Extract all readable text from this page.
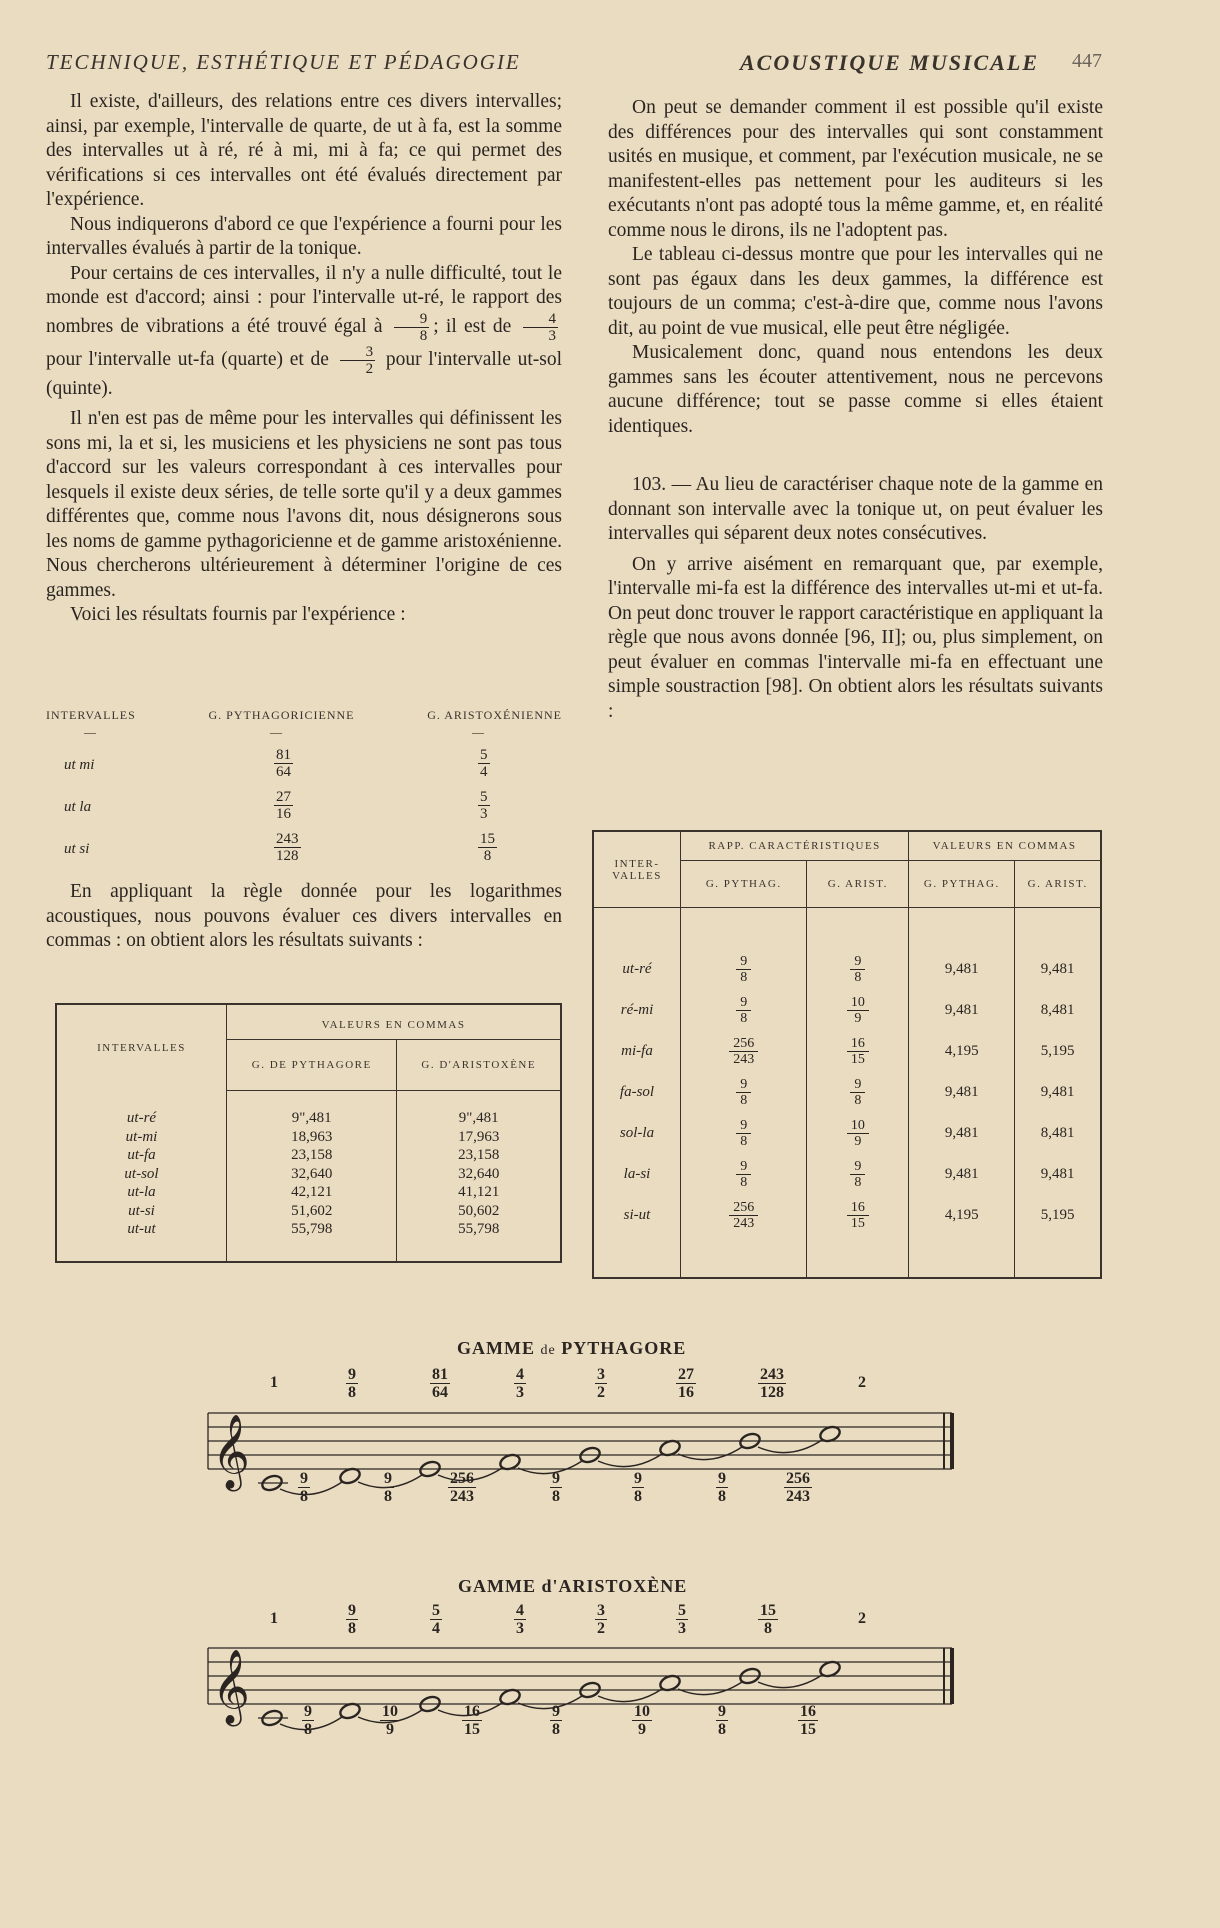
TECHNIQUE, ESTHÉTIQUE ET PÉDAGOGIE	ACOUSTIQUE MUSICALE 447

Il existe, d'ailleurs, des relations entre ces divers intervalles; ainsi, par exemple, l'intervalle de quarte, de ut à fa, est la somme des intervalles ut à ré, ré à mi, mi à fa; ce qui permet des vérifications si ces intervalles ont été évalués directement par l'expérience.

Nous indiquerons d'abord ce que l'expérience a fourni pour les intervalles évalués à partir de la tonique.

Pour certains de ces intervalles, il n'y a nulle difficulté, tout le monde est d'accord; ainsi : pour l'intervalle ut-ré, le rapport des nombres de vibrations a été trouvé égal à $\frac{9}{8}$ ; il est de $\frac{4}{3}$
pour l'intervalle ut-fa (quarte) et de $\frac{3}{2}$ pour l'intervalle ut-sol (quinte).

Il n'en est pas de même pour les intervalles qui définissent les sons mi, la et si, les musiciens et les physiciens ne sont pas tous d'accord sur les valeurs correspondant à ces intervalles pour lesquels il existe deux séries, de telle sorte qu'il y a deux gammes différentes que, comme nous l'avons dit, nous désignerons sous les noms de gamme pythagoricienne et de gamme aristoxénienne. Nous chercherons ultérieurement à déterminer l'origine de ces gammes.

Voici les résultats fournis par l'expérience :

INTERVALLES	G. PYTHAGORICIENNE	G. ARISTOXÉNIENNE
—	—	—
ut mi	$\frac{81}{64}$	$\frac{5}{4}$
ut la	$\frac{27}{16}$	$\frac{5}{3}$
ut si	$\frac{243}{128}$	$\frac{15}{8}$

En appliquant la règle donnée pour les logarithmes acoustiques, nous pouvons évaluer ces divers intervalles en commas : on obtient alors les résultats suivants :

INTERVALLES	VALEURS EN COMMAS	
	G. DE PYTHAGORE	G. D'ARISTOXÈNE

ut-ré	9",481	9",481
ut-mi	18,963	17,963
ut-fa	23,158	23,158
ut-sol	32,640	32,640
ut-la	42,121	41,121
ut-si	51,602	50,602
ut-ut	55,798	55,798

On peut se demander comment il est possible qu'il existe des différences pour des intervalles qui sont constamment usités en musique, et comment, par l'exécution musicale, ne se manifestent-elles pas nettement pour les auditeurs si les exécutants n'ont pas adopté tous la même gamme, et, en réalité comme nous le dirons, ils ne l'adoptent pas.

Le tableau ci-dessus montre que pour les intervalles qui ne sont pas égaux dans les deux gammes, la différence est toujours de un comma; c'est-à-dire que, comme nous l'avons dit, au point de vue musical, elle peut être négligée.

Musicalement donc, quand nous entendons les deux gammes sans les écouter attentivement, nous ne percevons aucune différence; tout se passe comme si elles étaient identiques.

103. — Au lieu de caractériser chaque note de la gamme en donnant son intervalle avec la tonique ut, on peut évaluer les intervalles qui séparent deux notes consécutives.

On y arrive aisément en remarquant que, par exemple, l'intervalle mi-fa est la différence des intervalles ut-mi et ut-fa. On peut donc trouver le rapport caractéristique en appliquant la règle que nous avons donnée [96, II]; ou, plus simplement, on peut évaluer en commas l'intervalle mi-fa en effectuant une simple soustraction [98]. On obtient alors les résultats suivants :

INTER-VALLES	RAPP. CARACTÉRISTIQUES		VALEURS EN COMMAS	
	G. PYTHAG.	G. ARIST.	G. PYTHAG.	G. ARIST.

ut-ré	$\frac{9}{8}$	$\frac{9}{8}$	9,481	9,481
ré-mi	$\frac{9}{8}$	$\frac{10}{9}$	9,481	8,481
mi-fa	$\frac{256}{243}$	$\frac{16}{15}$	4,195	5,195
fa-sol	$\frac{9}{8}$	$\frac{9}{8}$	9,481	9,481
sol-la	$\frac{9}{8}$	$\frac{10}{9}$	9,481	8,481
la-si	$\frac{9}{8}$	$\frac{9}{8}$	9,481	9,481
si-ut	$\frac{256}{243}$	$\frac{16}{15}$	4,195	5,195

GAMME de PYTHAGORE
1	9
8
81
64
4
3
3
2
27
16
243
128
2
9
8
9
8
256
243
9
8
9
8
9
8
256
243
𝄞
GAMME d'ARISTOXÈNE
1	9
8
5
4
4
3
3
2
5
3
15
8
2
9
8
10
9
16
15
9
8
10
9
9
8
16
15
𝄞
